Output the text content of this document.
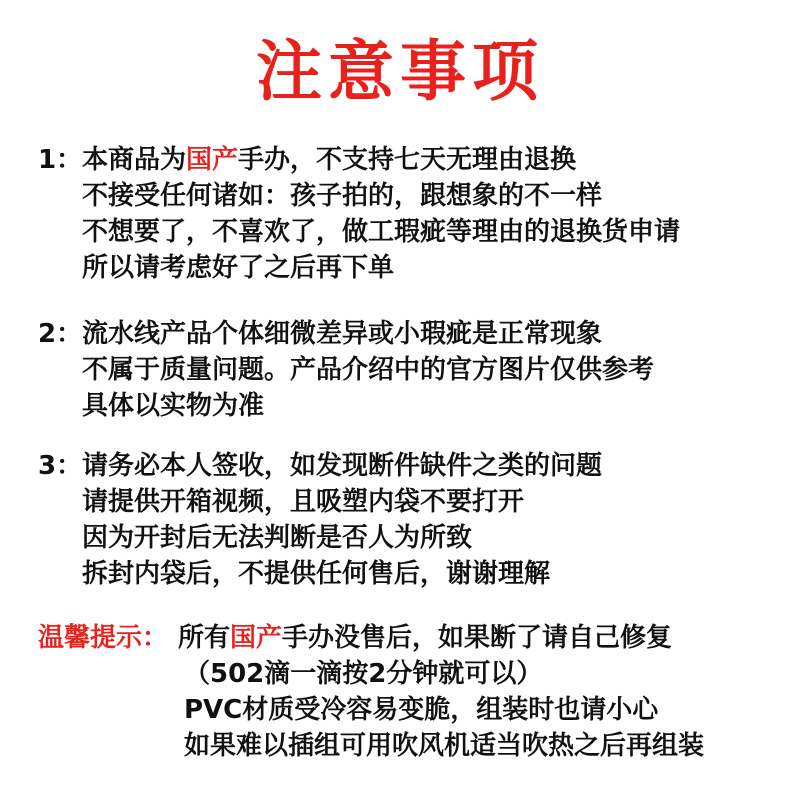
注意事项
1：本商品为国产手办，不支持七天无理由退换
不接受任何诸如：孩子拍的，跟想象的不一样
不想要了，不喜欢了，做工瑕疵等理由的退换货申请
所以请考虑好了之后再下单
2：流水线产品个体细微差异或小瑕疵是正常现象
不属于质量问题。产品介绍中的官方图片仅供参考
具体以实物为准
3：请务必本人签收，如发现断件缺件之类的问题
请提供开箱视频，且吸塑内袋不要打开
因为开封后无法判断是否人为所致
拆封内袋后，不提供任何售后，谢谢理解
温馨提示： 所有国产手办没售后，如果断了请自己修复
（502滴一滴按2分钟就可以）
PVC材质受冷容易变脆，组装时也请小心
如果难以插组可用吹风机适当吹热之后再组装
